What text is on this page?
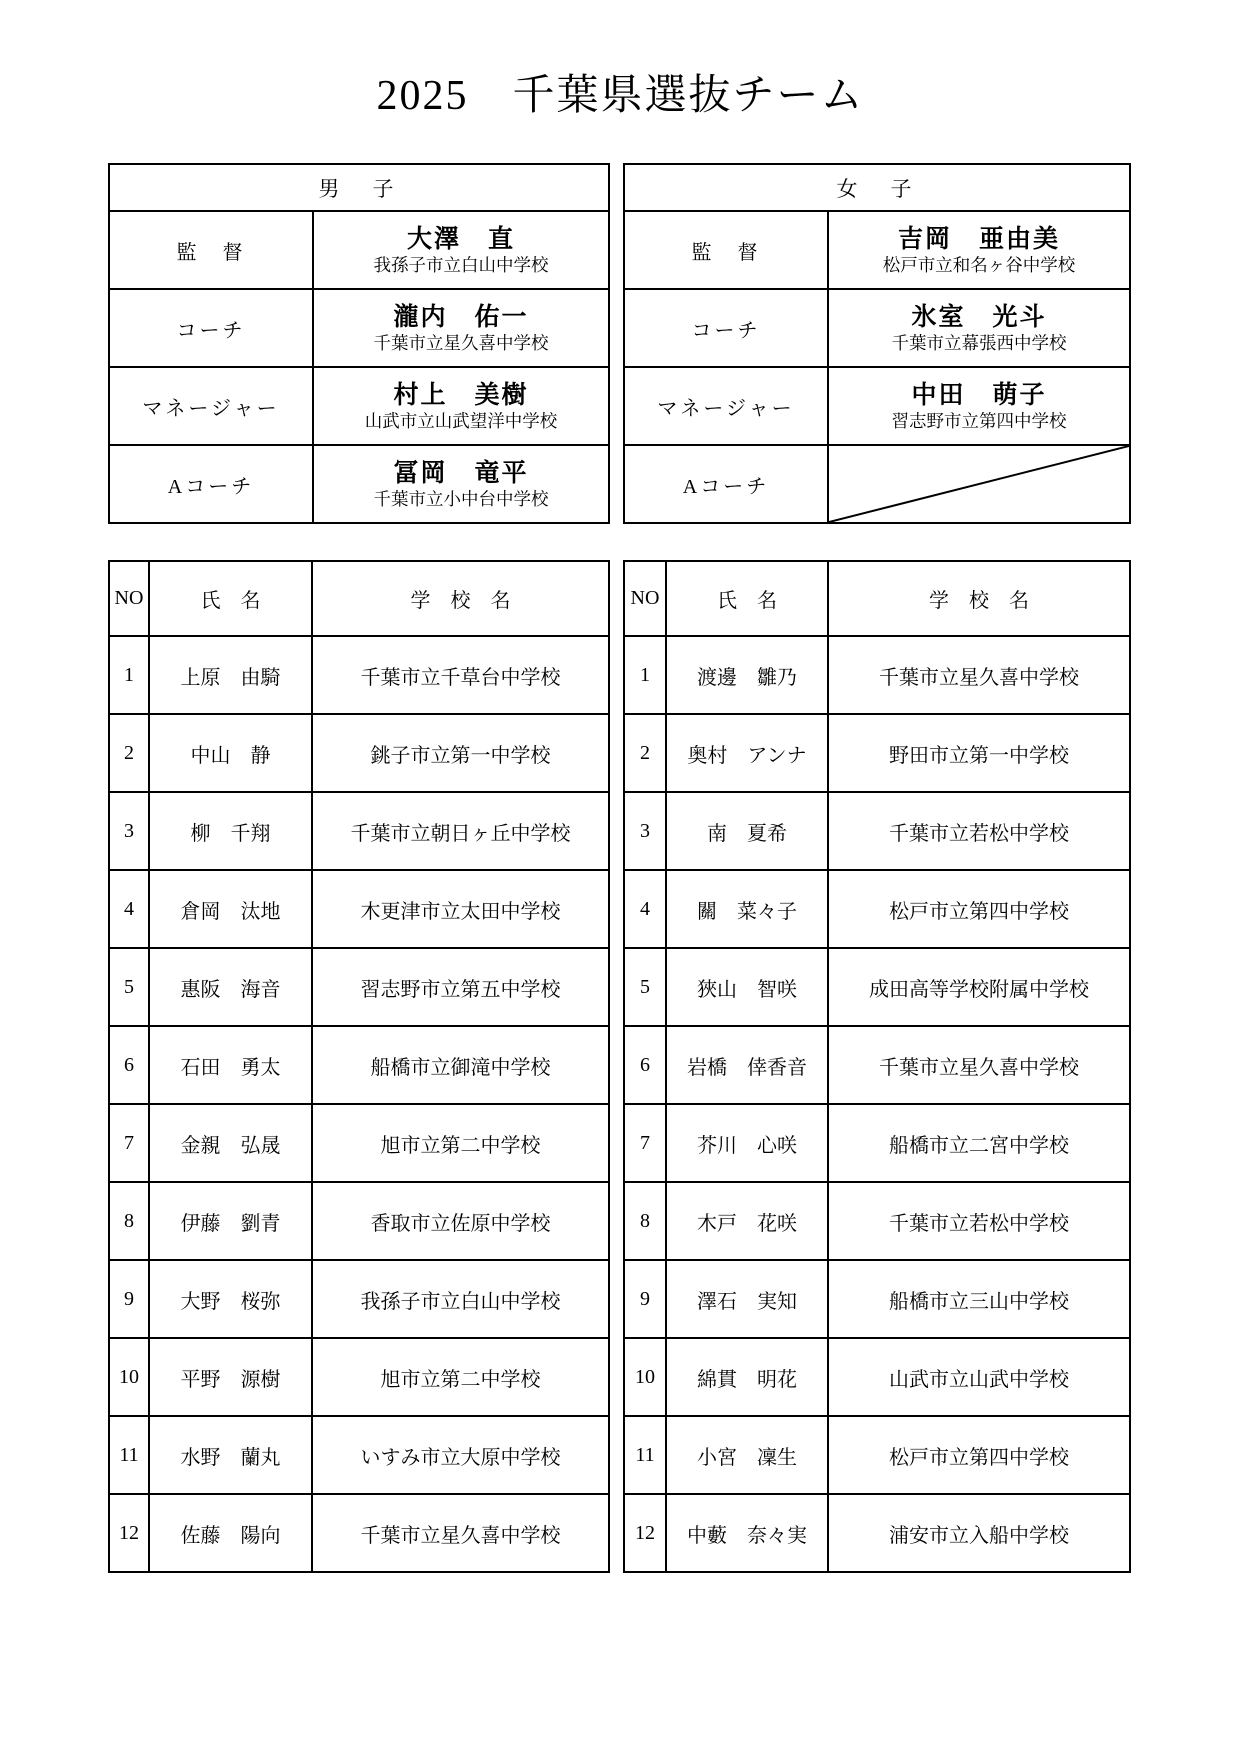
2025　千葉県選抜チーム
男　子	
監　督	大澤　直
我孫子市立白山中学校

コーチ	瀧内　佑一
千葉市立星久喜中学校

マネージャー	村上　美樹
山武市立山武望洋中学校

Aコーチ	冨岡　竜平
千葉市立小中台中学校
女　子	
監　督	吉岡　亜由美
松戸市立和名ヶ谷中学校

コーチ	氷室　光斗
千葉市立幕張西中学校

マネージャー	中田　萌子
習志野市立第四中学校

Aコーチ	
NO	氏　名	学　校　名
1	上原　由騎	千葉市立千草台中学校
2	中山　静	銚子市立第一中学校
3	柳　千翔	千葉市立朝日ヶ丘中学校
4	倉岡　汰地	木更津市立太田中学校
5	惠阪　海音	習志野市立第五中学校
6	石田　勇太	船橋市立御滝中学校
7	金親　弘晟	旭市立第二中学校
8	伊藤　劉青	香取市立佐原中学校
9	大野　桜弥	我孫子市立白山中学校
10	平野　源樹	旭市立第二中学校
11	水野　蘭丸	いすみ市立大原中学校
12	佐藤　陽向	千葉市立星久喜中学校
NO	氏　名	学　校　名
1	渡邊　雛乃	千葉市立星久喜中学校
2	奥村　アンナ	野田市立第一中学校
3	南　夏希	千葉市立若松中学校
4	關　菜々子	松戸市立第四中学校
5	狹山　智咲	成田高等学校附属中学校
6	岩橋　倖香音	千葉市立星久喜中学校
7	芥川　心咲	船橋市立二宮中学校
8	木戸　花咲	千葉市立若松中学校
9	澤石　実知	船橋市立三山中学校
10	綿貫　明花	山武市立山武中学校
11	小宮　凜生	松戸市立第四中学校
12	中藪　奈々実	浦安市立入船中学校
